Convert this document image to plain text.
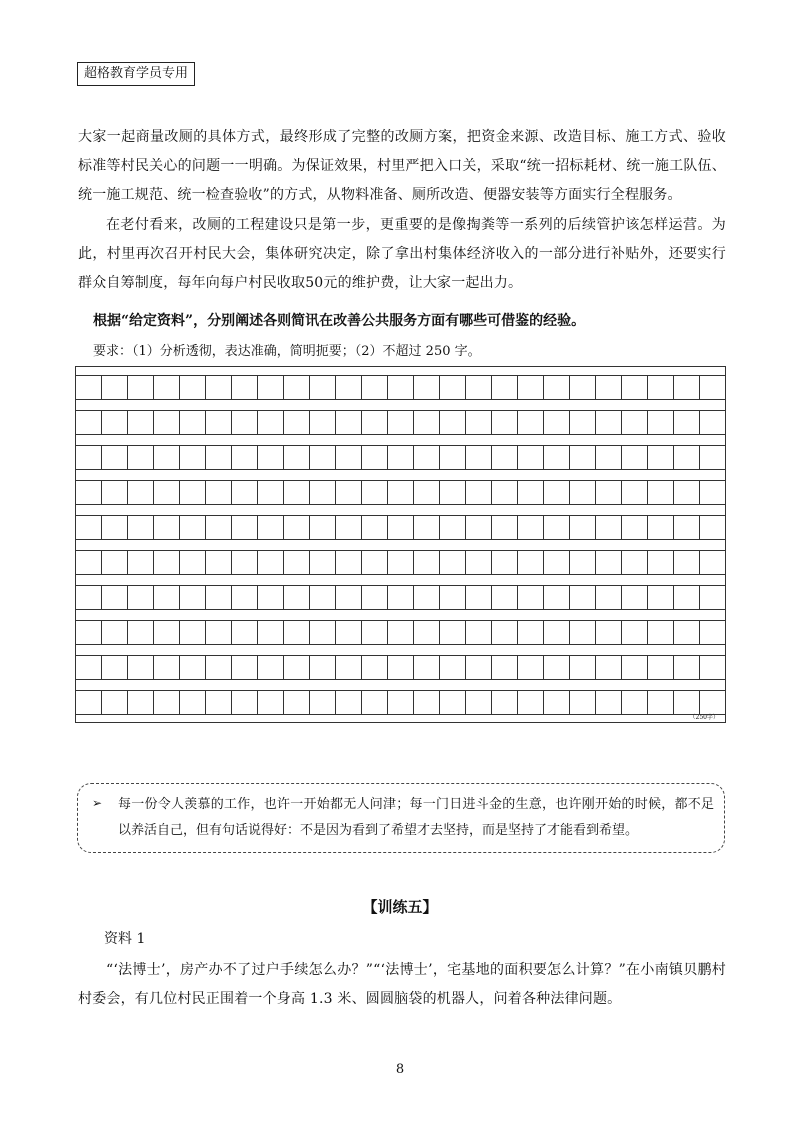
超格教育学员专用

大家一起商量改厕的具体方式，最终形成了完整的改厕方案，把资金来源、改造目标、施工方式、验收标准等村民关心的问题一一明确。为保证效果，村里严把入口关，采取“统一招标耗材、统一施工队伍、统一施工规范、统一检查验收”的方式，从物料准备、厕所改造、便器安装等方面实行全程服务。

在老付看来，改厕的工程建设只是第一步，更重要的是像掏粪等一系列的后续管护该怎样运营。为此，村里再次召开村民大会，集体研究决定，除了拿出村集体经济收入的一部分进行补贴外，还要实行群众自筹制度，每年向每户村民收取50元的维护费，让大家一起出力。

根据“给定资料”，分别阐述各则简讯在改善公共服务方面有哪些可借鉴的经验。
要求：（1）分析透彻，表达准确，简明扼要；（2）不超过 250 字。
（250字）
➢ 每一份令人羡慕的工作，也许一开始都无人问津；每一门日进斗金的生意，也许刚开始的时候，都不足以养活自己，但有句话说得好：不是因为看到了希望才去坚持，而是坚持了才能看到希望。

【训练五】
资料 1

“‘法博士’，房产办不了过户手续怎么办？”“‘法博士’，宅基地的面积要怎么计算？”在小南镇贝鹏村村委会，有几位村民正围着一个身高 1.3 米、圆圆脑袋的机器人，问着各种法律问题。

8
